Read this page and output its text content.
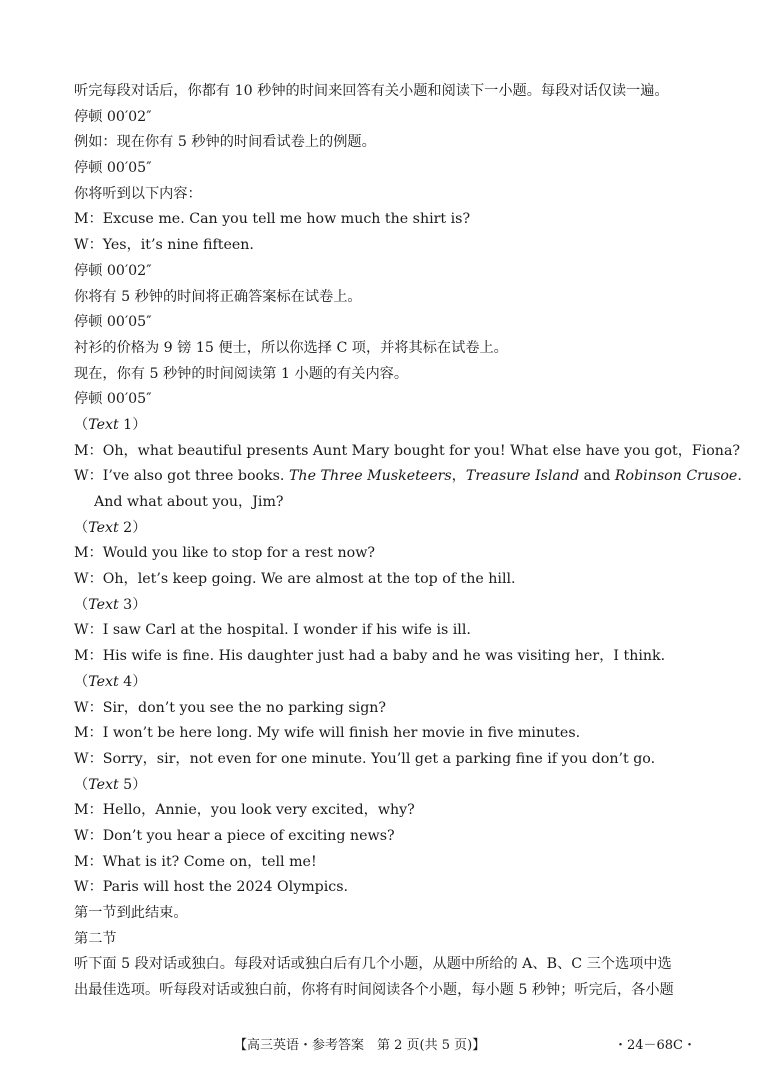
听完每段对话后，你都有 10 秒钟的时间来回答有关小题和阅读下一小题。每段对话仅读一遍。
停顿 00′02″
例如：现在你有 5 秒钟的时间看试卷上的例题。
停顿 00′05″
你将听到以下内容：
M：Excuse me. Can you tell me how much the shirt is?
W：Yes，it’s nine fifteen.
停顿 00′02″
你将有 5 秒钟的时间将正确答案标在试卷上。
停顿 00′05″
衬衫的价格为 9 镑 15 便士，所以你选择 C 项，并将其标在试卷上。
现在，你有 5 秒钟的时间阅读第 1 小题的有关内容。
停顿 00′05″
（Text 1）
M：Oh，what beautiful presents Aunt Mary bought for you! What else have you got，Fiona?
W：I’ve also got three books. The Three Musketeers，Treasure Island and Robinson Crusoe.
And what about you，Jim?
（Text 2）
M：Would you like to stop for a rest now?
W：Oh，let’s keep going. We are almost at the top of the hill.
（Text 3）
W：I saw Carl at the hospital. I wonder if his wife is ill.
M：His wife is fine. His daughter just had a baby and he was visiting her，I think.
（Text 4）
W：Sir，don’t you see the no parking sign?
M：I won’t be here long. My wife will finish her movie in five minutes.
W：Sorry，sir，not even for one minute. You’ll get a parking fine if you don’t go.
（Text 5）
M：Hello，Annie，you look very excited，why?
W：Don’t you hear a piece of exciting news?
M：What is it? Come on，tell me!
W：Paris will host the 2024 Olympics.
第一节到此结束。
第二节
听下面 5 段对话或独白。每段对话或独白后有几个小题，从题中所给的 A、B、C 三个选项中选
出最佳选项。听每段对话或独白前，你将有时间阅读各个小题，每小题 5 秒钟；听完后，各小题
【高三英语・参考答案　第 2 页(共 5 页)】	・24－68C・
